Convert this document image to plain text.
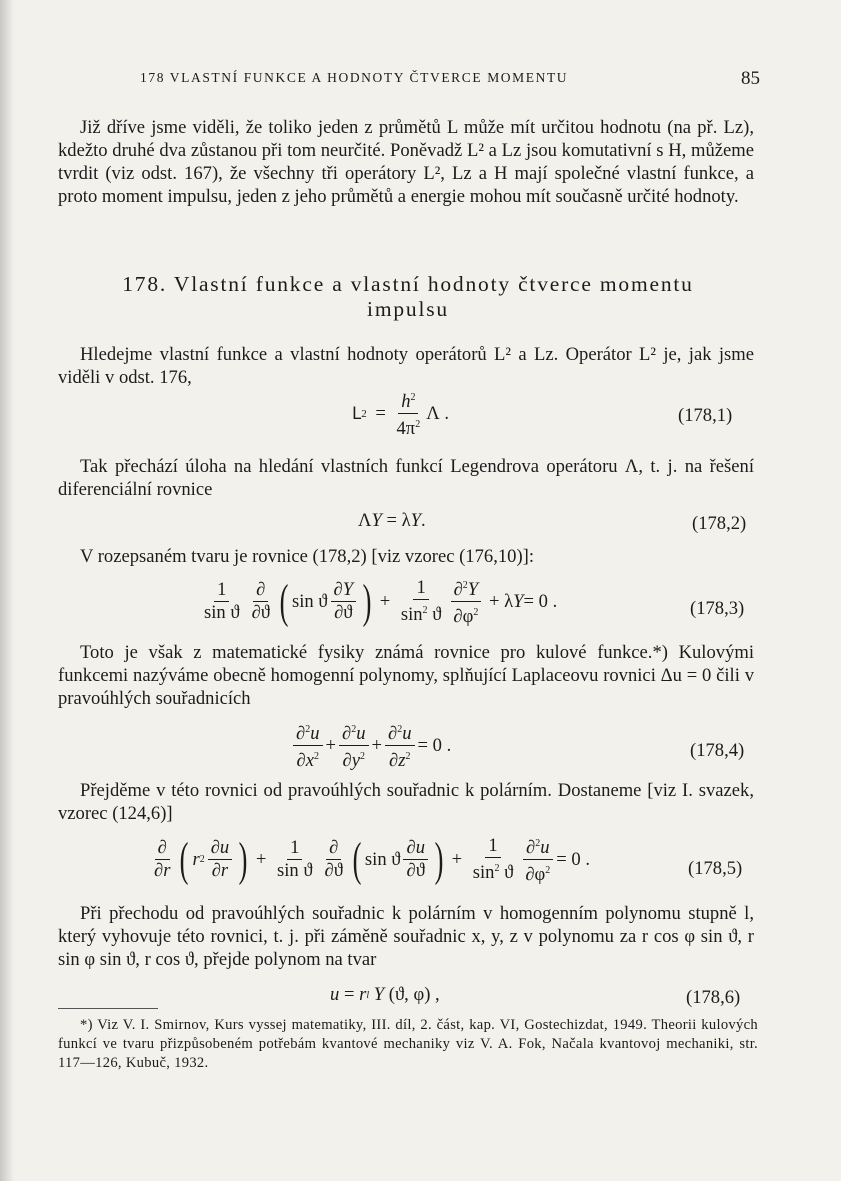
178 VLASTNÍ FUNKCE A HODNOTY ČTVERCE MOMENTU	85

Již dříve jsme viděli, že toliko jeden z průmětů L může mít určitou hodnotu (na př. Lz), kdežto druhé dva zůstanou při tom neurčité. Poněvadž L² a Lz jsou komutativní s H, můžeme tvrdit (viz odst. 167), že všechny tři operátory L², Lz a H mají společné vlastní funkce, a proto moment impulsu, jeden z jeho průmětů a energie mohou mít současně určité hodnoty.

178. Vlastní funkce a vlastní hodnoty čtverce momentu
impulsu

Hledejme vlastní funkce a vlastní hodnoty operátorů L² a Lz. Operátor L² je, jak jsme viděli v odst. 176,

L $2 = \frac{h^2}{4\pi^2}$ Λ .	(178,1)

Tak přechází úloha na hledání vlastních funkcí Legendrova operátoru Λ, t. j. na řešení diferenciální rovnice

Λ Y = λ Y .	(178,2)

V rozepsaném tvaru je rovnice (178,2) [viz vzorec (176,10)]:

$\frac{1}{\text{sin ϑ}} \frac{\partial}{\partial ϑ}$ ( sin ϑ $\frac{\partial Y}{\partial ϑ}$ ) + $\frac{1}{\sin^2 ϑ} \frac{\partial^2Y}{\partial\varphi^2} + \lambda$ Y = 0 .	(178,3)

Toto je však z matematické fysiky známá rovnice pro kulové funkce.*) Kulovými funkcemi nazýváme obecně homogenní polynomy, splňující Laplaceovu rovnici Δu = 0 čili v pravoúhlých souřadnicích

$\frac{\partial^2u}{\partial x^2} + \frac{\partial^2u}{\partial y^2} + \frac{\partial^2u}{\partial z^2} = 0$ .	(178,4)

Přejděme v této rovnici od pravoúhlých souřadnic k polárním. Dostaneme [viz I. svazek, vzorec (124,6)]

$\frac{\partial}{\partial r}$ ( r $2 \frac{\partial u}{\partial r}$ ) + $\frac{1}{\text{sin ϑ}} \frac{\partial}{\partial ϑ}$ ( sin ϑ $\frac{\partial u}{\partial ϑ}$ ) + $\frac{1}{\sin^2 ϑ} \frac{\partial^2u}{\partial\varphi^2} = 0$ .	(178,5)

Při přechodu od pravoúhlých souřadnic k polárním v homogenním polynomu stupně l, který vyhovuje této rovnici, t. j. při záměně souřadnic x, y, z v polynomu za r cos φ sin ϑ, r sin φ sin ϑ, r cos ϑ, přejde polynom na tvar

u = r l
Y (ϑ, φ) ,	(178,6)

*) Viz V. I. Smirnov, Kurs vyssej matematiky, III. díl, 2. část, kap. VI, Gostechizdat, 1949. Theorii kulových funkcí ve tvaru přizpůsobeném potřebám kvantové mechaniky viz V. A. Fok, Načala kvantovoj mechaniki, str. 117—126, Kubuč, 1932.
